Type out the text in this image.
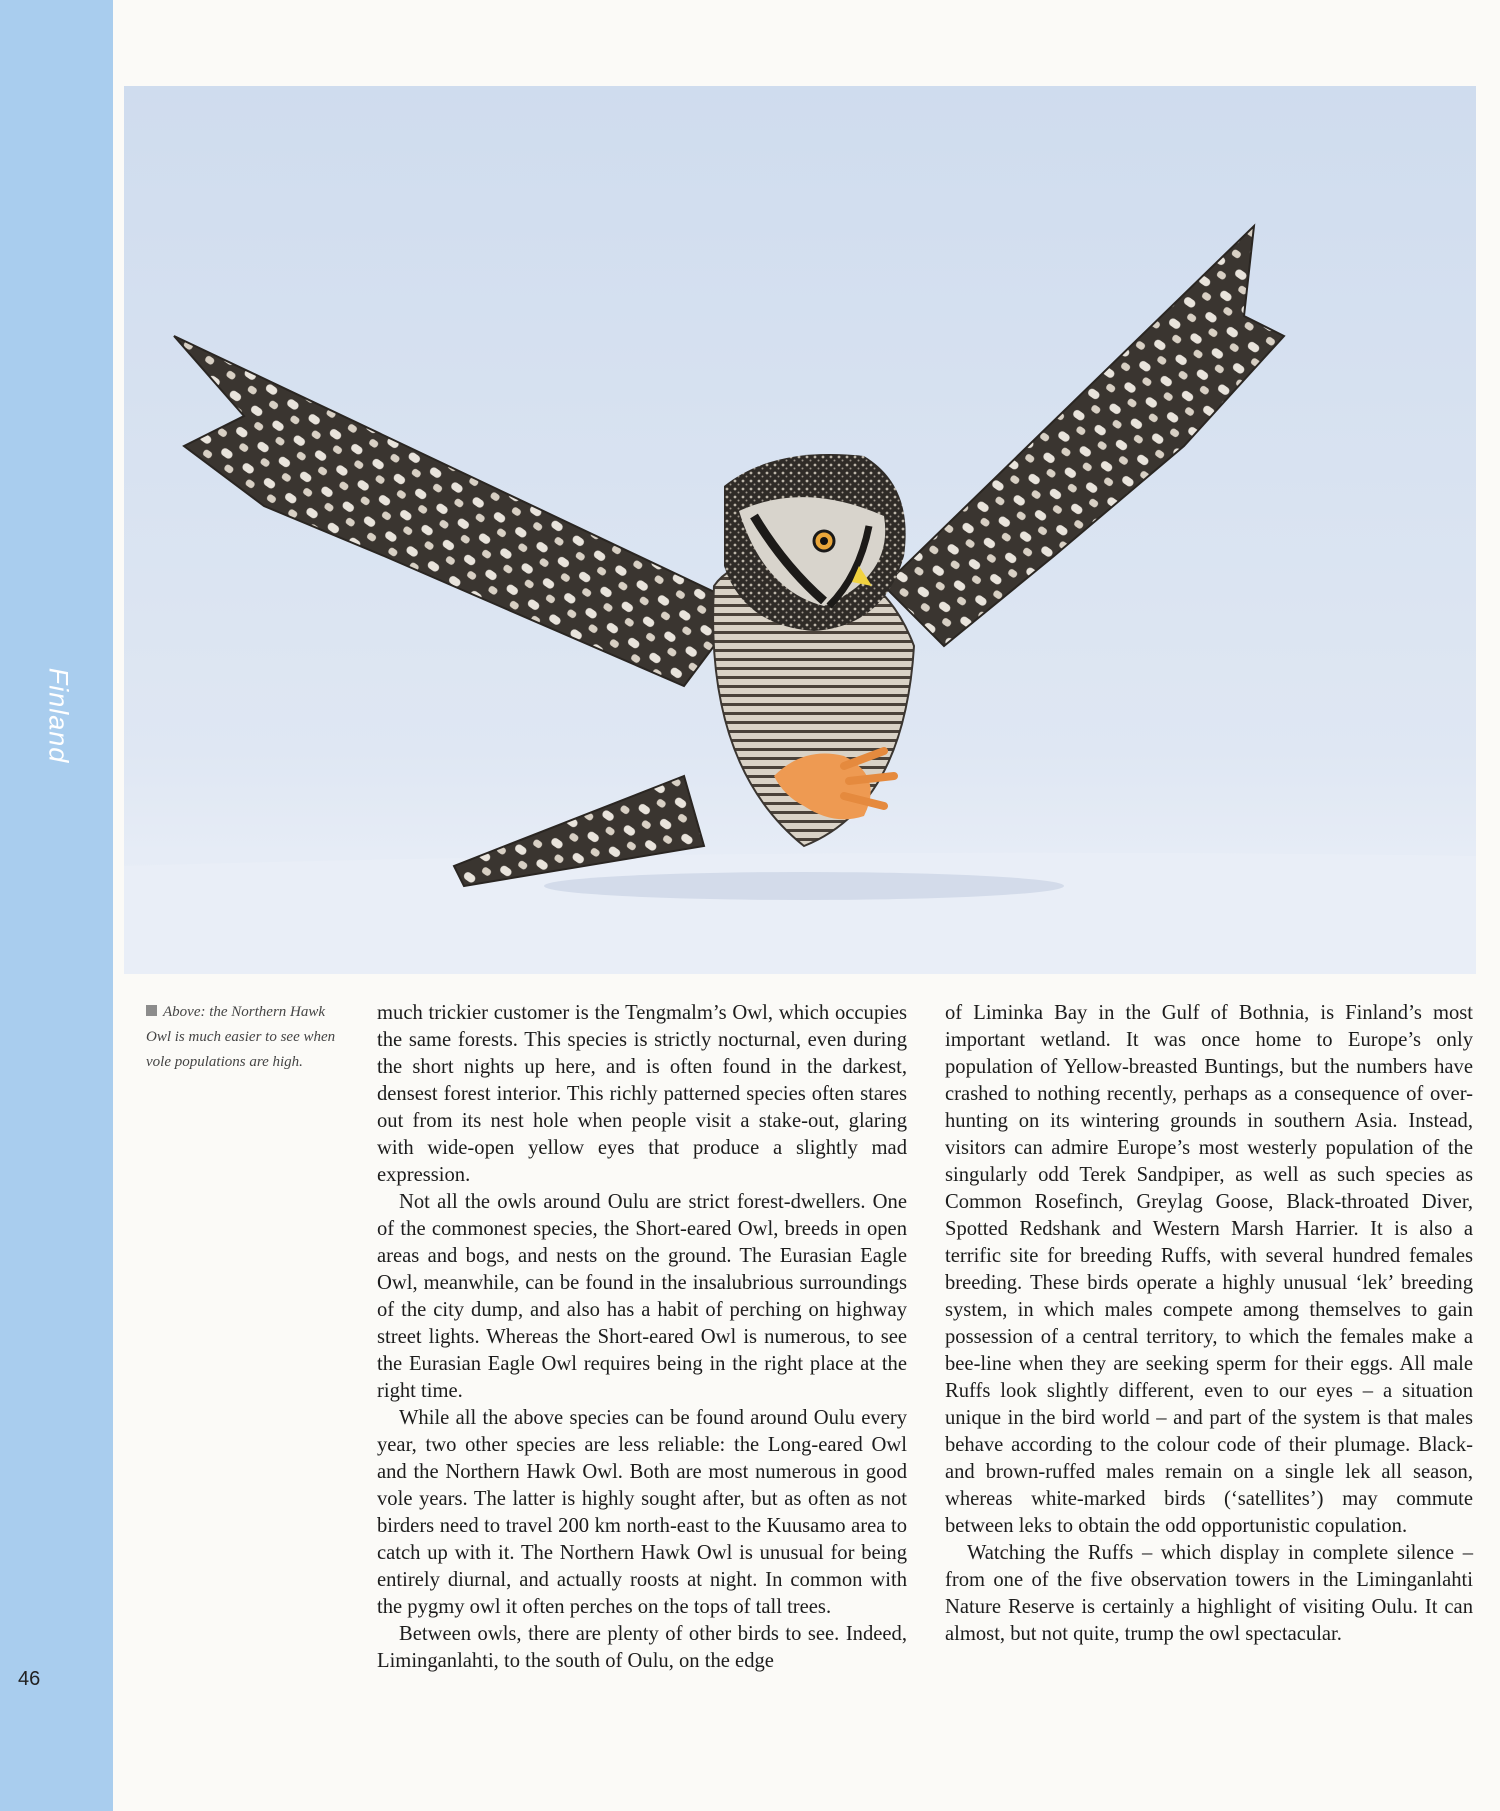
Finland
46
Above: the Northern Hawk Owl is much easier to see when vole populations are high.

much trickier customer is the Tengmalm’s Owl, which occupies the same forests. This species is strictly nocturnal, even during the short nights up here, and is often found in the darkest, densest forest interior. This richly patterned species often stares out from its nest hole when people visit a stake-out, glaring with wide-open yellow eyes that produce a slightly mad expression.

Not all the owls around Oulu are strict forest-dwellers. One of the commonest species, the Short-eared Owl, breeds in open areas and bogs, and nests on the ground. The Eurasian Eagle Owl, meanwhile, can be found in the insalubrious surroundings of the city dump, and also has a habit of perching on highway street lights. Whereas the Short-eared Owl is numerous, to see the Eurasian Eagle Owl requires being in the right place at the right time.

While all the above species can be found around Oulu every year, two other species are less reliable: the Long-eared Owl and the Northern Hawk Owl. Both are most numerous in good vole years. The latter is highly sought after, but as often as not birders need to travel 200 km north-east to the Kuusamo area to catch up with it. The Northern Hawk Owl is unusual for being entirely diurnal, and actually roosts at night. In common with the pygmy owl it often perches on the tops of tall trees.

Between owls, there are plenty of other birds to see. Indeed, Liminganlahti, to the south of Oulu, on the edge

of Liminka Bay in the Gulf of Bothnia, is Finland’s most important wetland. It was once home to Europe’s only population of Yellow-breasted Buntings, but the numbers have crashed to nothing recently, perhaps as a consequence of over-hunting on its wintering grounds in southern Asia. Instead, visitors can admire Europe’s most westerly population of the singularly odd Terek Sandpiper, as well as such species as Common Rosefinch, Greylag Goose, Black-throated Diver, Spotted Redshank and Western Marsh Harrier. It is also a terrific site for breeding Ruffs, with several hundred females breeding. These birds operate a highly unusual ‘lek’ breeding system, in which males compete among themselves to gain possession of a central territory, to which the females make a bee-line when they are seeking sperm for their eggs. All male Ruffs look slightly different, even to our eyes – a situation unique in the bird world – and part of the system is that males behave according to the colour code of their plumage. Black- and brown-ruffed males remain on a single lek all season, whereas white-marked birds (‘satellites’) may commute between leks to obtain the odd opportunistic copulation.

Watching the Ruffs – which display in complete silence – from one of the five observation towers in the Liminganlahti Nature Reserve is certainly a highlight of visiting Oulu. It can almost, but not quite, trump the owl spectacular.
